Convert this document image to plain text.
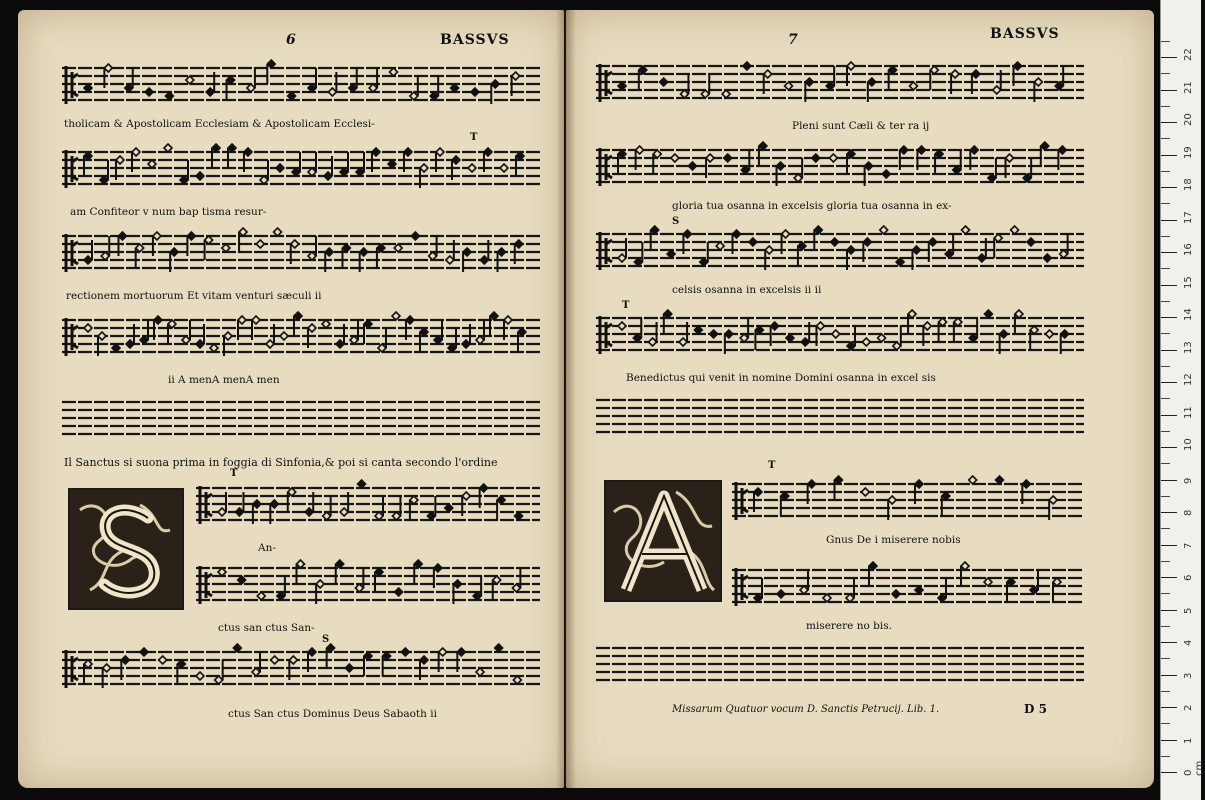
6	BASSVS	7	BASSVS
tholicam & Apostolicam Ecclesiam & Apostolicam Ecclesi-
T
am Confiteor v num bap tisma resur-
rectionem mortuorum Et vitam venturi sæculi ii
ii A menA menA men
Il Sanctus si suona prima in foggia di Sinfonia,& poi si canta secondo l'ordine
T
An-
ctus san ctus San-
S
ctus San ctus Dominus Deus Sabaoth ii
Pleni sunt Cæli & ter ra ij
gloria tua osanna in excelsis gloria tua osanna in ex-
S
celsis osanna in excelsis ii ii
T
Benedictus qui venit in nomine Domini osanna in excel sis
T
Gnus De i miserere nobis
miserere no bis.
Missarum Quatuor vocum D. Sanctis Petrucij. Lib. 1.	D 5
0 cm
1
2
3
4
5
6
7
8
9
10
11
12
13
14
15
16
17
18
19
20
21
22
